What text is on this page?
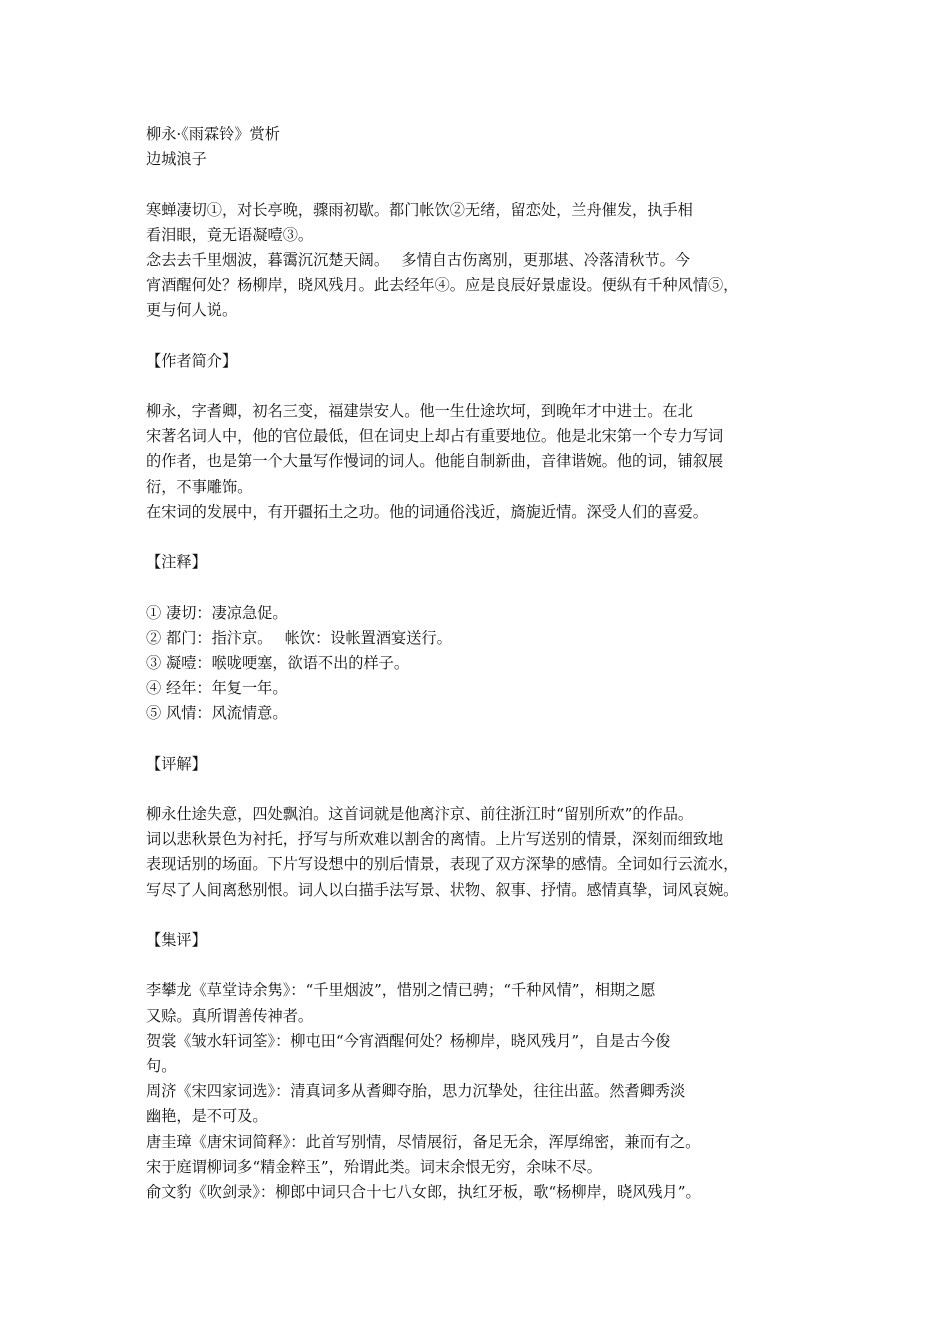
柳永·《雨霖铃》赏析
边城浪子
寒蝉凄切①，对长亭晚，骤雨初歇。都门帐饮②无绪，留恋处，兰舟催发，执手相
看泪眼，竟无语凝噎③。
念去去千里烟波，暮霭沉沉楚天阔。　 多情自古伤离别，更那堪、冷落清秋节。今
宵酒醒何处？杨柳岸，晓风残月。此去经年④。应是良辰好景虚设。便纵有千种风情⑤，
更与何人说。
【作者简介】
柳永，字耆卿，初名三变，福建崇安人。他一生仕途坎坷，到晚年才中进士。在北
宋著名词人中，他的官位最低，但在词史上却占有重要地位。他是北宋第一个专力写词
的作者，也是第一个大量写作慢词的词人。他能自制新曲，音律谐婉。他的词，铺叙展
衍，不事雕饰。
在宋词的发展中，有开疆拓土之功。他的词通俗浅近，旖旎近情。深受人们的喜爱。
【注释】
① 凄切：凄凉急促。
② 都门：指汴京。　 帐饮：设帐置酒宴送行。
③ 凝噎：喉咙哽塞，欲语不出的样子。
④ 经年：年复一年。
⑤ 风情：风流情意。
【评解】
柳永仕途失意，四处飘泊。这首词就是他离汴京、前往浙江时“留别所欢”的作品。
词以悲秋景色为衬托，抒写与所欢难以割舍的离情。上片写送别的情景，深刻而细致地
表现话别的场面。下片写设想中的别后情景，表现了双方深挚的感情。全词如行云流水，
写尽了人间离愁别恨。词人以白描手法写景、状物、叙事、抒情。感情真挚，词风哀婉。
【集评】
李攀龙《草堂诗余隽》：“千里烟波”，惜别之情已骋；“千种风情”，相期之愿
又赊。真所谓善传神者。
贺裳《皱水轩词筌》：柳屯田“今宵酒醒何处？杨柳岸，晓风残月”，自是古今俊
句。
周济《宋四家词选》：清真词多从耆卿夺胎，思力沉挚处，往往出蓝。然耆卿秀淡
幽艳，是不可及。
唐圭璋《唐宋词简释》：此首写别情，尽情展衍，备足无余，浑厚绵密，兼而有之。
宋于庭谓柳词多“精金粹玉”，殆谓此类。词末余恨无穷，余味不尽。
俞文豹《吹剑录》：柳郎中词只合十七八女郎，执红牙板，歌“杨柳岸，晓风残月”。
